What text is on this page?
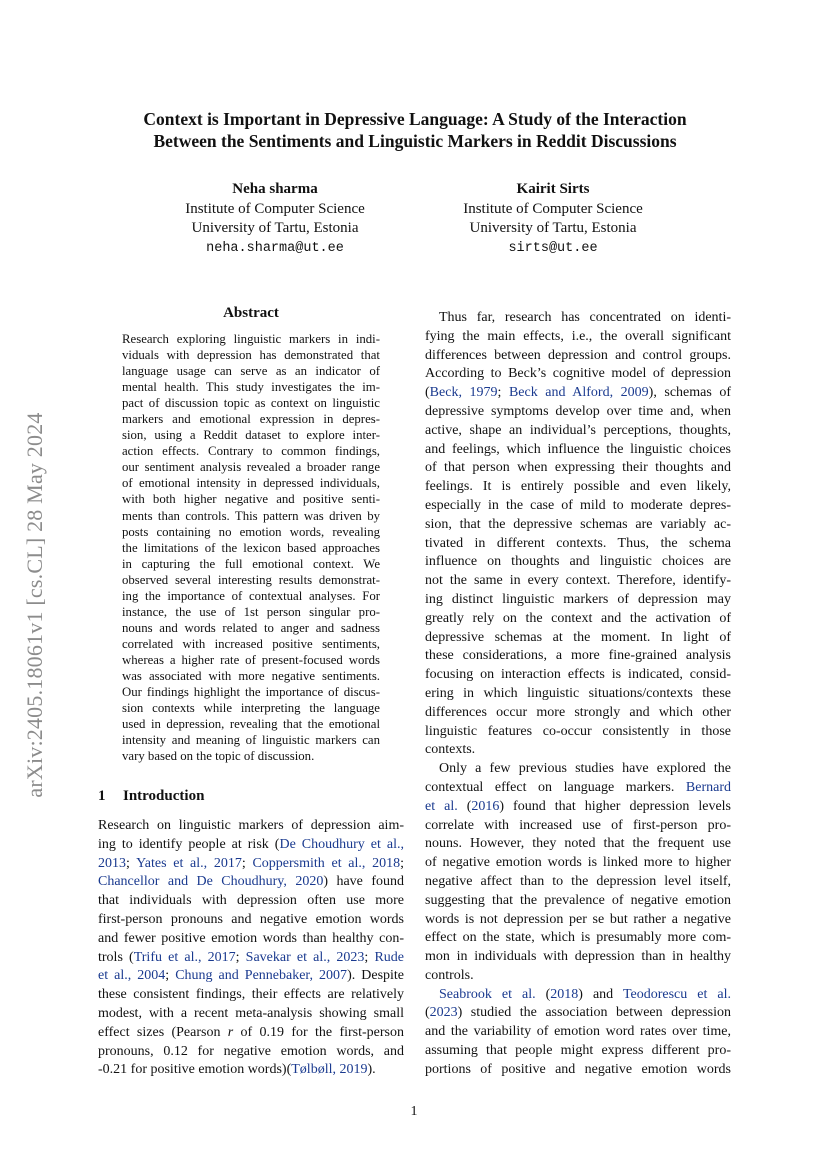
arXiv:2405.18061v1 [cs.CL] 28 May 2024
Context is Important in Depressive Language: A Study of the Interaction
Between the Sentiments and Linguistic Markers in Reddit Discussions
Neha sharma
Institute of Computer Science
University of Tartu, Estonia
neha.sharma@ut.ee
Kairit Sirts
Institute of Computer Science
University of Tartu, Estonia
sirts@ut.ee
Abstract
Research exploring linguistic markers in indi-
viduals with depression has demonstrated that
language usage can serve as an indicator of
mental health. This study investigates the im-
pact of discussion topic as context on linguistic
markers and emotional expression in depres-
sion, using a Reddit dataset to explore inter-
action effects. Contrary to common findings,
our sentiment analysis revealed a broader range
of emotional intensity in depressed individuals,
with both higher negative and positive senti-
ments than controls. This pattern was driven by
posts containing no emotion words, revealing
the limitations of the lexicon based approaches
in capturing the full emotional context. We
observed several interesting results demonstrat-
ing the importance of contextual analyses. For
instance, the use of 1st person singular pro-
nouns and words related to anger and sadness
correlated with increased positive sentiments,
whereas a higher rate of present-focused words
was associated with more negative sentiments.
Our findings highlight the importance of discus-
sion contexts while interpreting the language
used in depression, revealing that the emotional
intensity and meaning of linguistic markers can
vary based on the topic of discussion.
1 Introduction
Research on linguistic markers of depression aim-
ing to identify people at risk (De Choudhury et al.,
2013; Yates et al., 2017; Coppersmith et al., 2018;
Chancellor and De Choudhury, 2020) have found
that individuals with depression often use more
first-person pronouns and negative emotion words
and fewer positive emotion words than healthy con-
trols (Trifu et al., 2017; Savekar et al., 2023; Rude
et al., 2004; Chung and Pennebaker, 2007). Despite
these consistent findings, their effects are relatively
modest, with a recent meta-analysis showing small
effect sizes (Pearson r of 0.19 for the first-person
pronouns, 0.12 for negative emotion words, and
-0.21 for positive emotion words)(Tølbøll, 2019).
Thus far, research has concentrated on identi-
fying the main effects, i.e., the overall significant
differences between depression and control groups.
According to Beck’s cognitive model of depression
(Beck, 1979; Beck and Alford, 2009), schemas of
depressive symptoms develop over time and, when
active, shape an individual’s perceptions, thoughts,
and feelings, which influence the linguistic choices
of that person when expressing their thoughts and
feelings. It is entirely possible and even likely,
especially in the case of mild to moderate depres-
sion, that the depressive schemas are variably ac-
tivated in different contexts. Thus, the schema
influence on thoughts and linguistic choices are
not the same in every context. Therefore, identify-
ing distinct linguistic markers of depression may
greatly rely on the context and the activation of
depressive schemas at the moment. In light of
these considerations, a more fine-grained analysis
focusing on interaction effects is indicated, consid-
ering in which linguistic situations/contexts these
differences occur more strongly and which other
linguistic features co-occur consistently in those
contexts.
Only a few previous studies have explored the
contextual effect on language markers. Bernard
et al. (2016) found that higher depression levels
correlate with increased use of first-person pro-
nouns. However, they noted that the frequent use
of negative emotion words is linked more to higher
negative affect than to the depression level itself,
suggesting that the prevalence of negative emotion
words is not depression per se but rather a negative
effect on the state, which is presumably more com-
mon in individuals with depression than in healthy
controls.
Seabrook et al. (2018) and Teodorescu et al.
(2023) studied the association between depression
and the variability of emotion word rates over time,
assuming that people might express different pro-
portions of positive and negative emotion words
1
